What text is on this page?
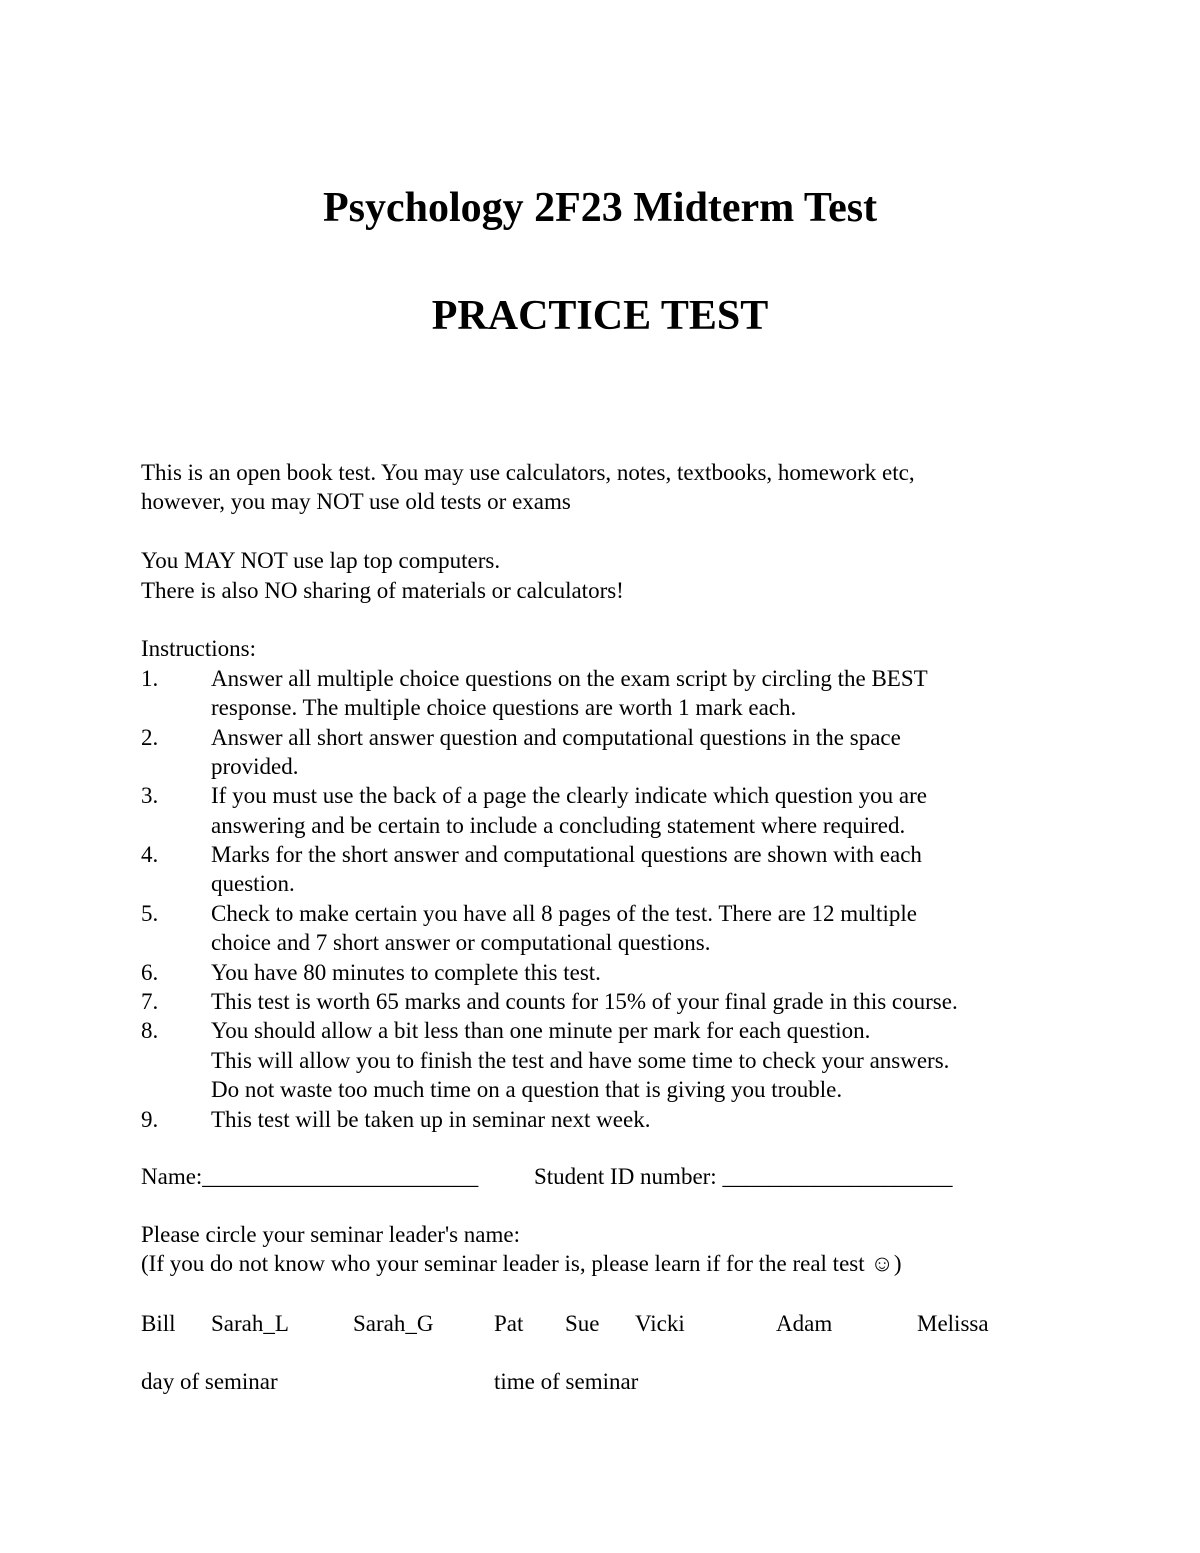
Psychology 2F23 Midterm Test
PRACTICE TEST
This is an open book test. You may use calculators, notes, textbooks, homework etc,
however, you may NOT use old tests or exams
You MAY NOT use lap top computers.
There is also NO sharing of materials or calculators!
Instructions:
1. Answer all multiple choice questions on the exam script by circling the BEST
response. The multiple choice questions are worth 1 mark each.
2. Answer all short answer question and computational questions in the space
provided.
3. If you must use the back of a page the clearly indicate which question you are
answering and be certain to include a concluding statement where required.
4. Marks for the short answer and computational questions are shown with each
question.
5. Check to make certain you have all 8 pages of the test. There are 12 multiple
choice and 7 short answer or computational questions.
6. You have 80 minutes to complete this test.
7. This test is worth 65 marks and counts for 15% of your final grade in this course.
8. You should allow a bit less than one minute per mark for each question.
This will allow you to finish the test and have some time to check your answers.
Do not waste too much time on a question that is giving you trouble.
9. This test will be taken up in seminar next week.
Name:________________________ Student ID number: ____________________
Please circle your seminar leader's name:
(If you do not know who your seminar leader is, please learn if for the real test ☺)
Bill Sarah_L	Sarah_G	Pat Sue Vicki	Adam	Melissa
day of seminar	time of seminar
